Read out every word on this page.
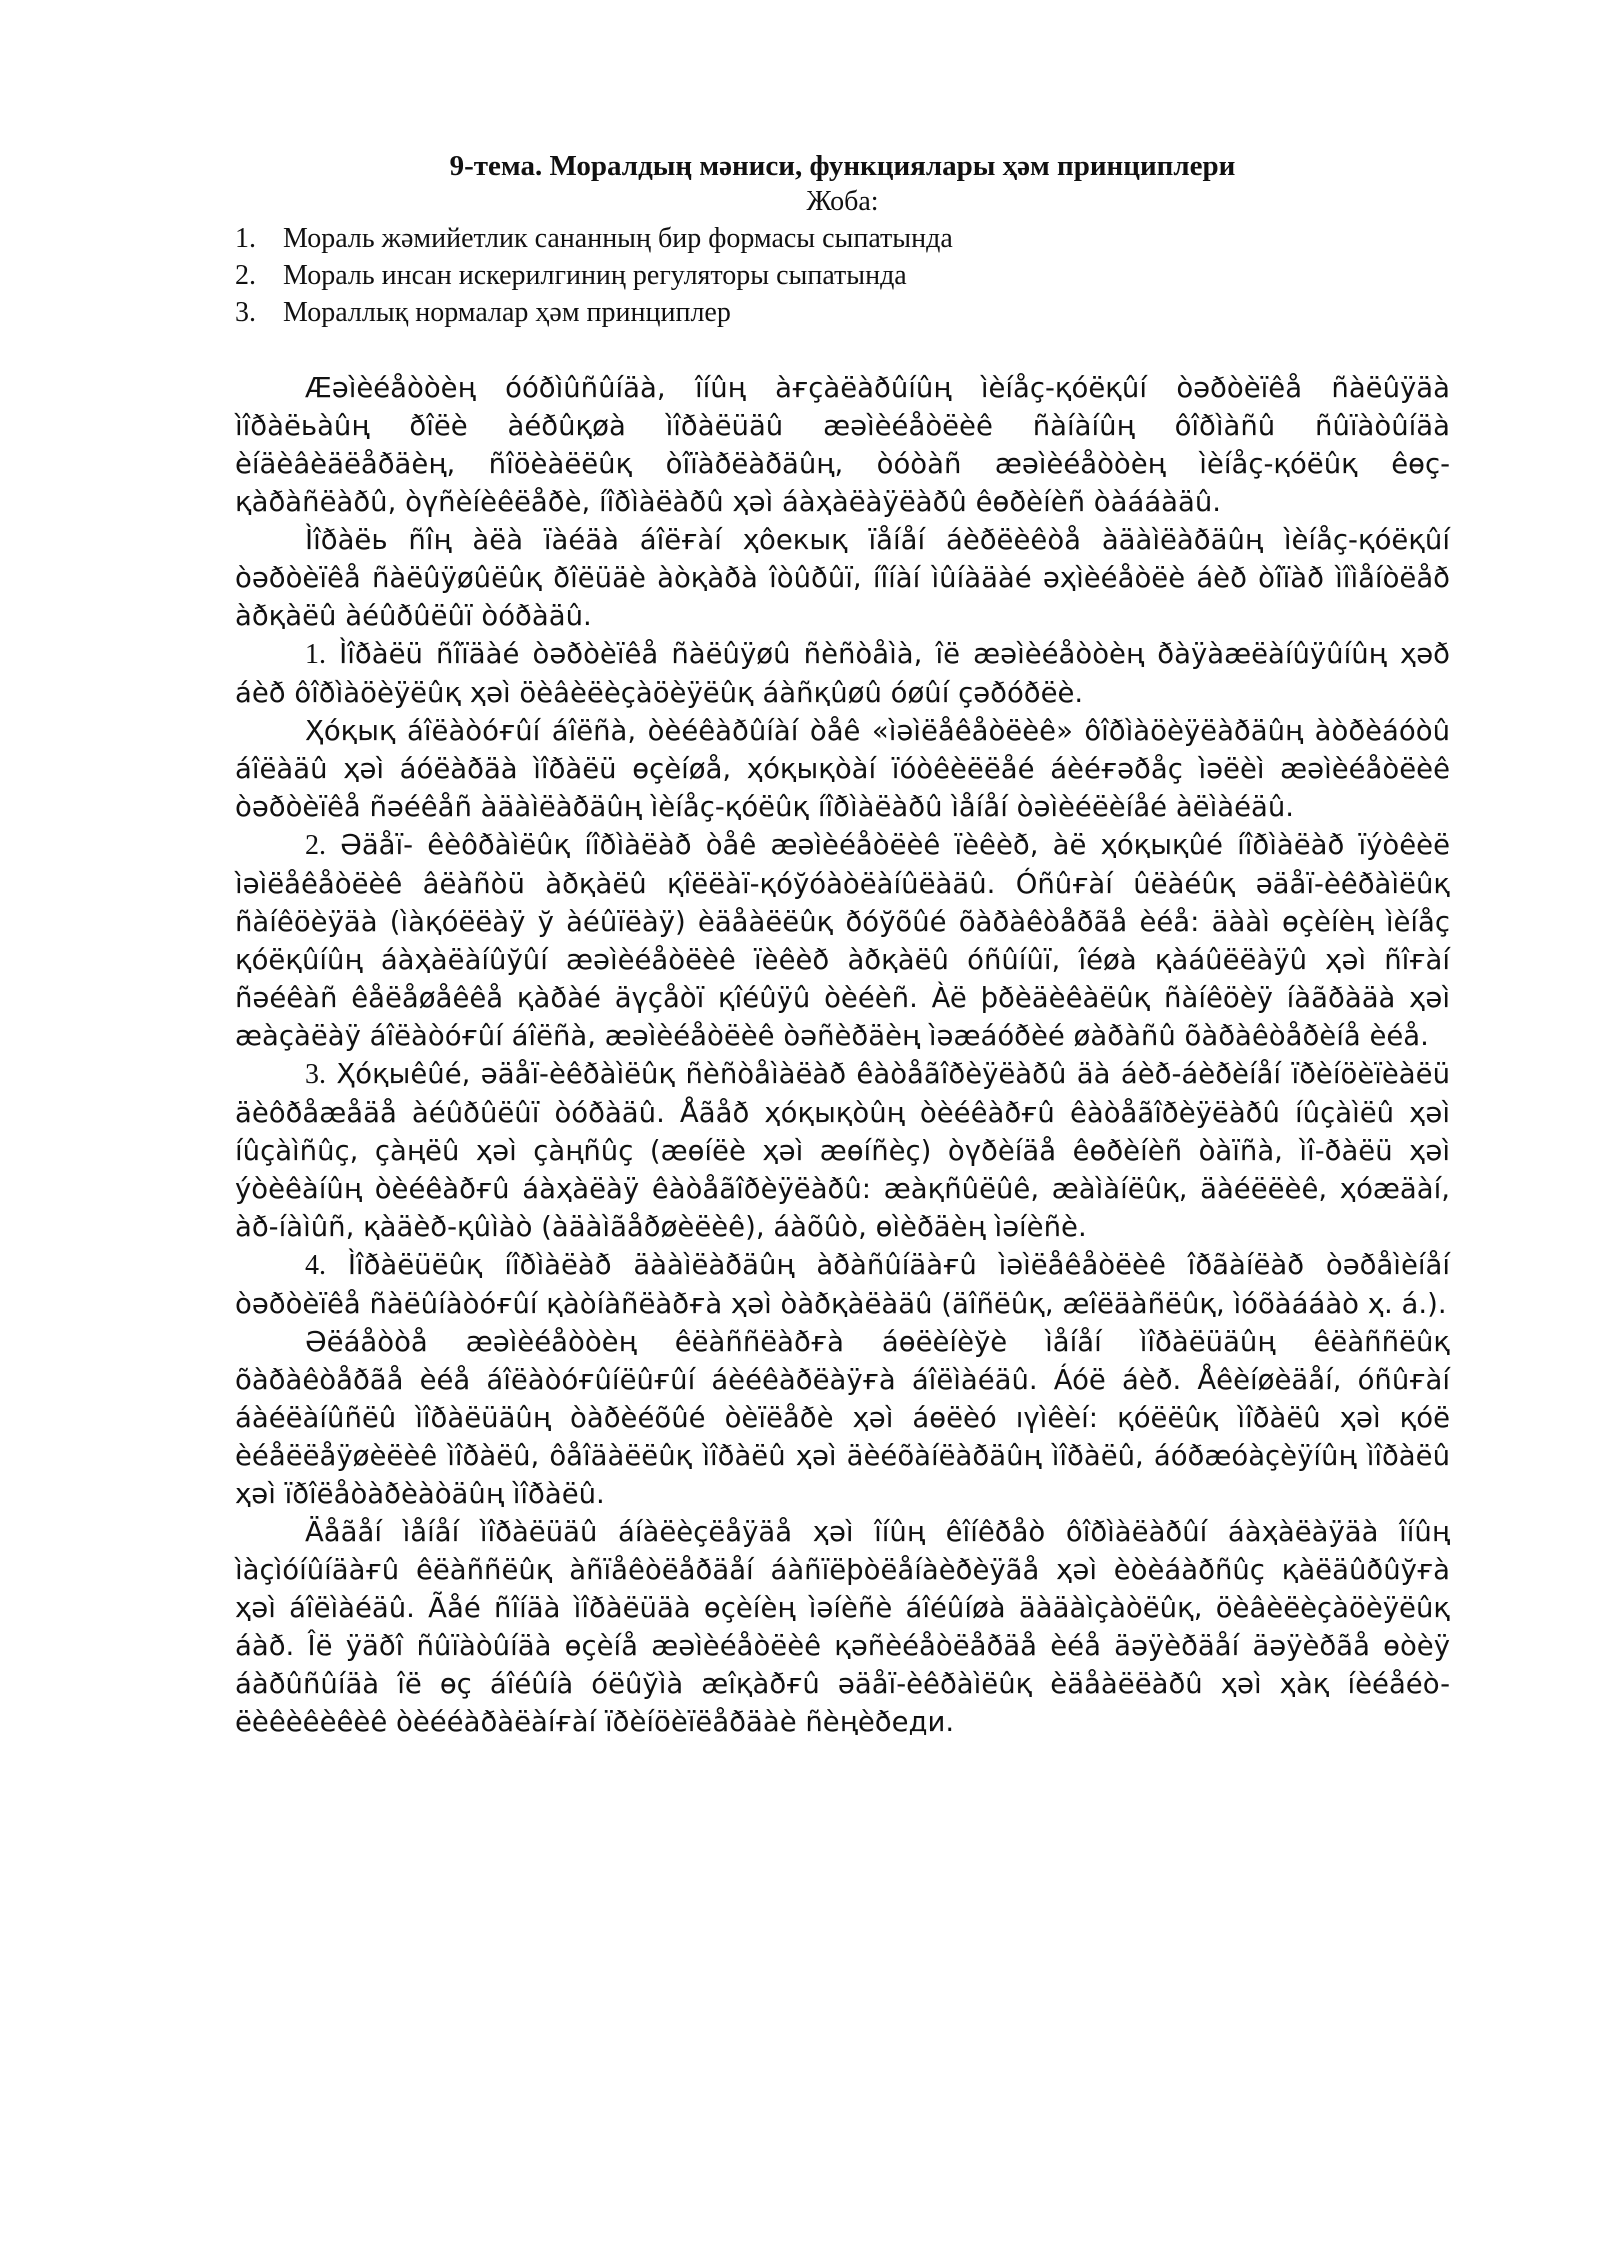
9-тема. Моралдың мәниси, функциялары ҳәм принциплери

Жоба:

1. Мораль жәмийетлик сананның бир формасы сыпатында
2. Мораль инсан искерилгиниң регуляторы сыпатында
3. Мораллық нормалар ҳәм принциплер

Æəìèéåòòèң óóðìûñûíäà, îíûң àғçàëàðûíûң ìèíåç-қóëқûí òəðòèïêå ñàëûÿäà ìîðàëьàûң ðîëè àéðûқøà ìîðàëüäû æəìèéåòëèê ñàíàíûң ôîðìàñû ñûïàòûíäà èíäèâèäëåðäèң, ñîöèàëëûқ òîïàðëàðäûң, òóòàñ æəìèéåòòèң ìèíåç-қóëûқ êөç-қàðàñëàðû, òүñèíèêëåðè, íîðìàëàðû ҳəì áàҳàëàÿëàðû êөðèíèñ òàááàäû.

Ìîðàëь ñîң àëà ïàéäà áîëғàí ҳôекық ïåíåí áèðëèêòå àäàìëàðäûң ìèíåç-қóëқûí òəðòèïêå ñàëûÿøûëûқ ðîëüäè àòқàðà îòûðûï, íîíàí ìûíàäàé əҳìèéåòëè áèð òîïàð ìîìåíòëåð àðқàëû àéûðûëûï òóðàäû.

1. Ìîðàëü ñîïäàé òəðòèïêå ñàëûÿøû ñèñòåìà, îë æəìèéåòòèң ðàÿàæëàíûÿûíûң ҳəð áèð ôîðìàöèÿëûқ ҳəì öèâèëèçàöèÿëûқ áàñқûøû óøûí çəðóðëè.

Ҳóқық áîëàòóғûí áîëñà, òèéêàðûíàí òåê «ìəìëåêåòëèê» ôîðìàöèÿëàðäûң àòðèáóòû áîëàäû ҳəì áóëàðäà ìîðàëü өçèíøå, ҳóқықòàí ïóòêèëëåé áèéғəðåç ìəëèì æəìèéåòëèê òəðòèïêå ñəéêåñ àäàìëàðäûң ìèíåç-қóëûқ íîðìàëàðû ìåíåí òəìèéëèíåé àëìàéäû.

2. Əäåï- êèôðàìëûқ íîðìàëàð òåê æəìèéåòëèê ïèêèð, àë ҳóқықûé íîðìàëàð ïýòêèë ìəìëåêåòëèê âëàñòü àðқàëû қîëëàï-қóўóàòëàíûëàäû. Óñûғàí ûëàéûқ əäåï-èêðàìëûқ ñàíêöèÿäà (ìàқóëëàÿ ў àéûïëàÿ) èäåàëëûқ ðóўõûé õàðàêòåðãå èéå: äààì өçèíèң ìèíåç қóëқûíûң áàҳàëàíûўûí æəìèéåòëèê ïèêèð àðқàëû óñûíûï, îéøà қàáûëëàÿû ҳəì ñîғàí ñəéêàñ êåëåøåêêå қàðàé äүçåòï қîéûÿû òèéèñ. Àë þðèäèêàëûқ ñàíêöèÿ íàãðàäà ҳəì æàçàëàÿ áîëàòóғûí áîëñà, æəìèéåòëèê òəñèðäèң ìəæáóðèé øàðàñû õàðàêòåðèíå èéå.

3. Ҳóқыêûé, əäåï-èêðàìëûқ ñèñòåìàëàð êàòåãîðèÿëàðû äà áèð-áèðèíåí ïðèíöèïèàëü äèôðåæåäå àéûðûëûï òóðàäû. Åãåð ҳóқықòûң òèéêàðғû êàòåãîðèÿëàðû íûçàìëû ҳəì íûçàìñûç, çàңëû ҳəì çàңñûç (æөíëè ҳəì æөíñèç) òүðèíäå êөðèíèñ òàïñà, ìî-ðàëü ҳəì ýòèêàíûң òèéêàðғû áàҳàëàÿ êàòåãîðèÿëàðû: æàқñûëûê, æàìàíëûқ, äàéëëèê, ҳóæäàí, àð-íàìûñ, қàäèð-қûìàò (àäàìãåðøèëèê), áàõûò, өìèðäèң ìəíèñè.

4. Ìîðàëüëûқ íîðìàëàð äààìëàðäûң àðàñûíäàғû ìəìëåêåòëèê îðãàíëàð òəðåìèíåí òəðòèïêå ñàëûíàòóғûí қàòíàñëàðғà ҳəì òàðқàëàäû (äîñëûқ, æîëäàñëûқ, ìóõàááàò ҳ. á.).

Əëáåòòå æəìèéåòòèң êëàññëàðғà áөëèíèўè ìåíåí ìîðàëüäûң êëàññëûқ õàðàêòåðãå èéå áîëàòóғûíëûғûí áèéêàðëàÿғà áîëìàéäû. Áóë áèð. Åêèíøèäåí, óñûғàí áàéëàíûñëû ìîðàëüäûң òàðèéõûé òèïëåðè ҳəì áөëèó ıүìêèí: қóëëûқ ìîðàëû ҳəì қóë èéåëëåÿøèëèê ìîðàëû, ôåîäàëëûқ ìîðàëû ҳəì äèéõàíëàðäûң ìîðàëû, áóðæóàçèÿíûң ìîðàëû ҳəì ïðîëåòàðèàòäûң ìîðàëû.

Äåãåí ìåíåí ìîðàëüäû áíàëèçëåÿäå ҳəì îíûң êîíêðåò ôîðìàëàðûí áàҳàëàÿäà îíûң ìàçìóíûíäàғû êëàññëûқ àñïåêòëåðäåí áàñïëþòëåíàèðèÿãå ҳəì èòèáàðñûç қàëäûðûўғà ҳəì áîëìàéäû. Ãåé ñîíäà ìîðàëüäà өçèíèң ìəíèñè áîéûíøà äàäàìçàòëûқ, öèâèëèçàöèÿëûқ áàð. Îë ÿäðî ñûïàòûíäà өçèíå æəìèéåòëèê қəñèéåòëåðäå èéå äəÿèðäåí äəÿèðãå өòèÿ áàðûñûíäà îë өç áîéûíà óëûўìà æîқàðғû əäåï-èêðàìëûқ èäåàëëàðû ҳəì ҳàқ íèéåéò-ëèêèêèêèê òèééàðàëàíғàí ïðèíöèïëåðäàè ñèңèðеди.
